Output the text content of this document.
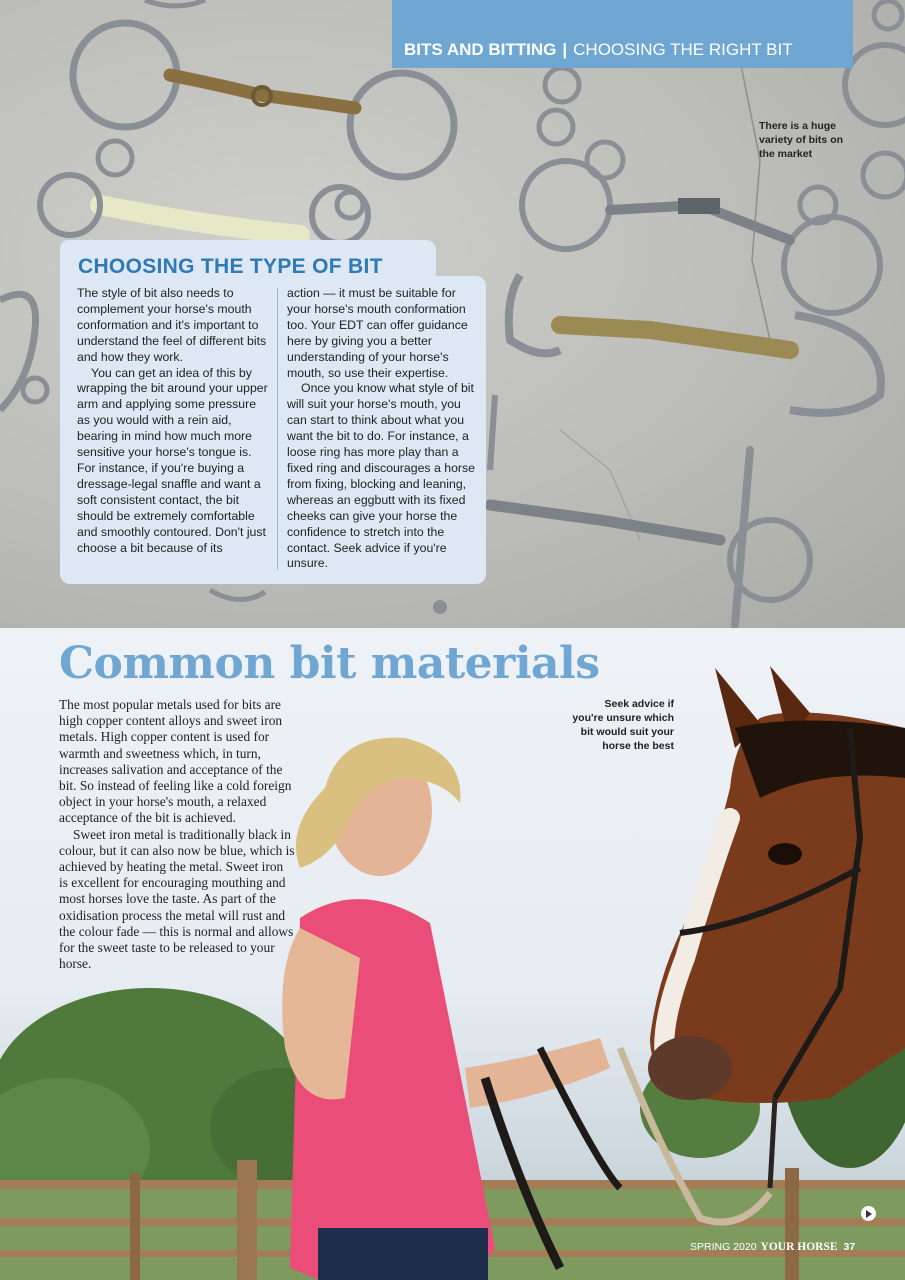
BITS AND BITTING | CHOOSING THE RIGHT BIT
There is a huge variety of bits on the market
CHOOSING THE TYPE OF BIT

The style of bit also needs to complement your horse's mouth conformation and it's important to understand the feel of different bits and how they work.

You can get an idea of this by wrapping the bit around your upper arm and applying some pressure as you would with a rein aid, bearing in mind how much more sensitive your horse's tongue is. For instance, if you're buying a dressage-legal snaffle and want a soft consistent contact, the bit should be extremely comfortable and smoothly contoured. Don't just choose a bit because of its

action — it must be suitable for your horse's mouth conformation too. Your EDT can offer guidance here by giving you a better understanding of your horse's mouth, so use their expertise.

Once you know what style of bit will suit your horse's mouth, you can start to think about what you want the bit to do. For instance, a loose ring has more play than a fixed ring and discourages a horse from fixing, blocking and leaning, whereas an eggbutt with its fixed cheeks can give your horse the confidence to stretch into the contact. Seek advice if you're unsure.

Common bit materials

The most popular metals used for bits are high copper content alloys and sweet iron metals. High copper content is used for warmth and sweetness which, in turn, increases salivation and acceptance of the bit. So instead of feeling like a cold foreign object in your horse's mouth, a relaxed acceptance of the bit is achieved.

Sweet iron metal is traditionally black in colour, but it can also now be blue, which is achieved by heating the metal. Sweet iron is excellent for encouraging mouthing and most horses love the taste. As part of the oxidisation process the metal will rust and the colour fade — this is normal and allows for the sweet taste to be released to your horse.

Seek advice if you're unsure which bit would suit your horse the best
SPRING 2020 YOUR HORSE 37
